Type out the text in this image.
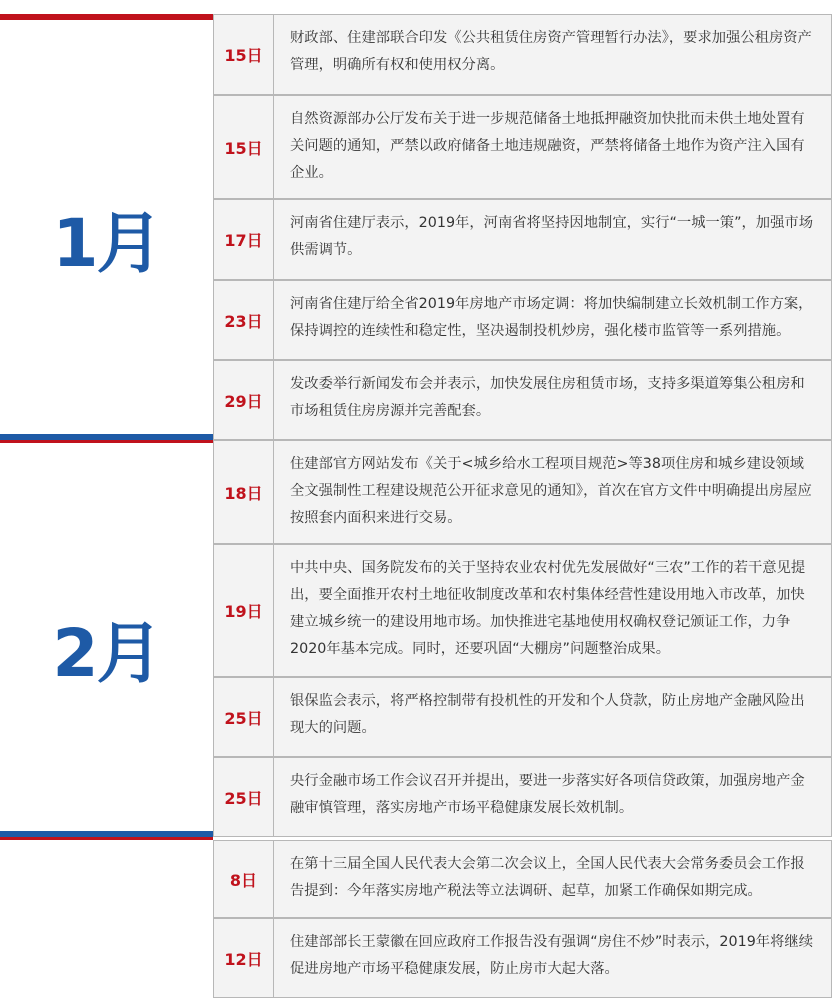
1月
2月
15日
财政部、住建部联合印发《公共租赁住房资产管理暂行办法》，要求加强公租房资产管理，明确所有权和使用权分离。
15日
自然资源部办公厅发布关于进一步规范储备土地抵押融资加快批而未供土地处置有关问题的通知，严禁以政府储备土地违规融资，严禁将储备土地作为资产注入国有企业。
17日
河南省住建厅表示，2019年，河南省将坚持因地制宜，实行“一城一策”，加强市场供需调节。
23日
河南省住建厅给全省2019年房地产市场定调：将加快编制建立长效机制工作方案，保持调控的连续性和稳定性，坚决遏制投机炒房，强化楼市监管等一系列措施。
29日
发改委举行新闻发布会并表示，加快发展住房租赁市场，支持多渠道筹集公租房和市场租赁住房房源并完善配套。
18日
住建部官方网站发布《关于<城乡给水工程项目规范>等38项住房和城乡建设领域全文强制性工程建设规范公开征求意见的通知》，首次在官方文件中明确提出房屋应按照套内面积来进行交易。
19日
中共中央、国务院发布的关于坚持农业农村优先发展做好“三农”工作的若干意见提出，要全面推开农村土地征收制度改革和农村集体经营性建设用地入市改革，加快建立城乡统一的建设用地市场。加快推进宅基地使用权确权登记颁证工作，力争2020年基本完成。同时，还要巩固“大棚房”问题整治成果。
25日
银保监会表示，将严格控制带有投机性的开发和个人贷款，防止房地产金融风险出现大的问题。
25日
央行金融市场工作会议召开并提出，要进一步落实好各项信贷政策，加强房地产金融审慎管理，落实房地产市场平稳健康发展长效机制。
8日
在第十三届全国人民代表大会第二次会议上，全国人民代表大会常务委员会工作报告提到：今年落实房地产税法等立法调研、起草，加紧工作确保如期完成。
12日
住建部部长王蒙徽在回应政府工作报告没有强调“房住不炒”时表示，2019年将继续促进房地产市场平稳健康发展，防止房市大起大落。
